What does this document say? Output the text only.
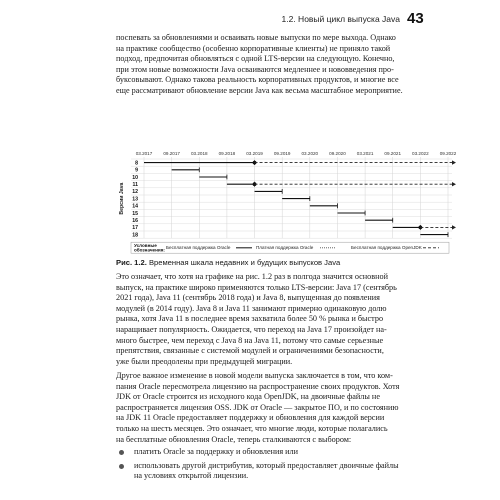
1.2. Новый цикл выпуска Java 43

поспевать за обновлениями и осваивать новые выпуски по мере выхода. Однако

на практике сообщество (особенно корпоративные клиенты) не приняло такой

подход, предпочитая обновляться с одной LTS-версии на следующую. Конечно,

при этом новые возможности Java осваиваются медленнее и нововведения про-

буксовывают. Однако такова реальность корпоративных продуктов, и многие все

еще рассматривают обновление версии Java как весьма масштабное мероприятие.

03.2017 09.2017 03.2018 09.2018 03.2019 09.2019 03.2020 09.2020 03.2021 09.2021 03.2022 09.2022
Версии Java
8
9
10
11
12
13
14
15
16
17
18
Условные
обозначения: Бесплатная поддержка Oracle	Платная поддержка Oracle	Бесплатная поддержка OpenJDK
Рис. 1.2. Временная шкала недавних и будущих выпусков Java

Это означает, что хотя на графике на рис. 1.2 раз в полгода значится основной

выпуск, на практике широко применяются только LTS-версии: Java 17 (сентябрь

2021 года), Java 11 (сентябрь 2018 года) и Java 8, выпущенная до появления

модулей (в 2014 году). Java 8 и Java 11 занимают примерно одинаковую долю

рынка, хотя Java 11 в последнее время захватила более 50 % рынка и быстро

наращивает популярность. Ожидается, что переход на Java 17 произойдет на-

много быстрее, чем переход с Java 8 на Java 11, потому что самые серьезные

препятствия, связанные с системой модулей и ограничениями безопасности,

уже были преодолены при предыдущей миграции.

Другое важное изменение в новой модели выпуска заключается в том, что ком-

пания Oracle пересмотрела лицензию на распространение своих продуктов. Хотя

JDK от Oracle строится из исходного кода OpenJDK, на двоичные файлы не

распространяется лицензия OSS. JDK от Oracle — закрытое ПО, и по состоянию

на JDK 11 Oracle предоставляет поддержку и обновления для каждой версии

только на шесть месяцев. Это означает, что многие люди, которые полагались

на бесплатные обновления Oracle, теперь сталкиваются с выбором:

платить Oracle за поддержку и обновления или
использовать другой дистрибутив, который предоставляет двоичные файлы
на условиях открытой лицензии.
